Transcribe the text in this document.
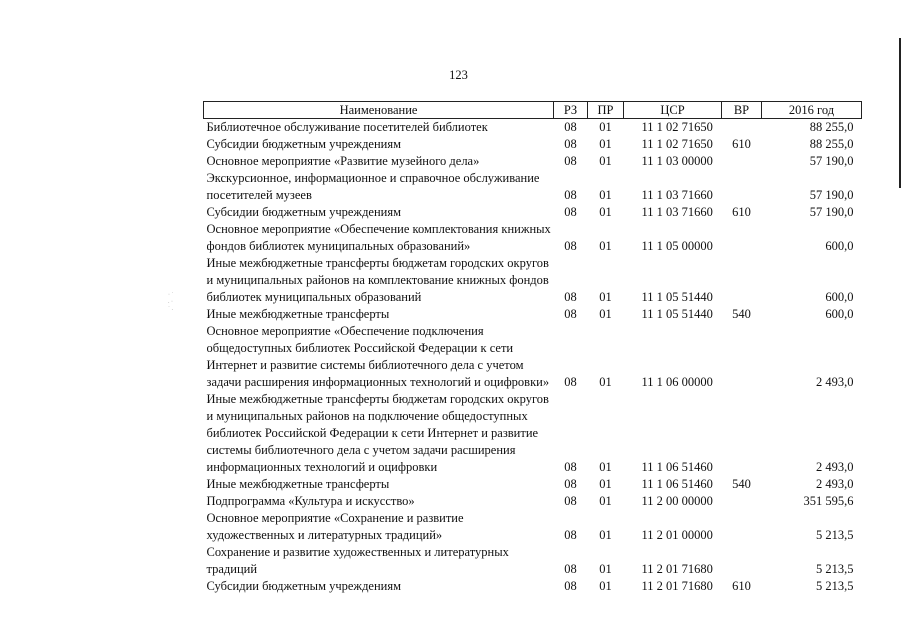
· ˙
. ·
˙ .
123
Наименование	РЗ	ПР	ЦСР	ВР	2016 год
Библиотечное обслуживание посетителей библиотек	08	01	11 1 02 71650		88 255,0
Субсидии бюджетным учреждениям	08	01	11 1 02 71650	610	88 255,0
Основное мероприятие «Развитие музейного дела»	08	01	11 1 03 00000		57 190,0
Экскурсионное, информационное и справочное обслуживание посетителей музеев	08	01	11 1 03 71660		57 190,0
Субсидии бюджетным учреждениям	08	01	11 1 03 71660	610	57 190,0
Основное мероприятие «Обеспечение комплектования книжных фондов библиотек муниципальных образований»	08	01	11 1 05 00000		600,0
Иные межбюджетные трансферты бюджетам городских округов и муниципальных районов на комплектование книжных фондов библиотек муниципальных образований	08	01	11 1 05 51440		600,0
Иные межбюджетные трансферты	08	01	11 1 05 51440	540	600,0
Основное мероприятие «Обеспечение подключения общедоступных библиотек Российской Федерации к сети Интернет и развитие системы библиотечного дела с учетом задачи расширения информационных технологий и оцифровки»	08	01	11 1 06 00000		2 493,0
Иные межбюджетные трансферты бюджетам городских округов и муниципальных районов на подключение общедоступных библиотек Российской Федерации к сети Интернет и развитие системы библиотечного дела с учетом задачи расширения информационных технологий и оцифровки	08	01	11 1 06 51460		2 493,0
Иные межбюджетные трансферты	08	01	11 1 06 51460	540	2 493,0
Подпрограмма «Культура и искусство»	08	01	11 2 00 00000		351 595,6
Основное мероприятие «Сохранение и развитие художественных и литературных традиций»	08	01	11 2 01 00000		5 213,5
Сохранение и развитие художественных и литературных традиций	08	01	11 2 01 71680		5 213,5
Субсидии бюджетным учреждениям	08	01	11 2 01 71680	610	5 213,5
